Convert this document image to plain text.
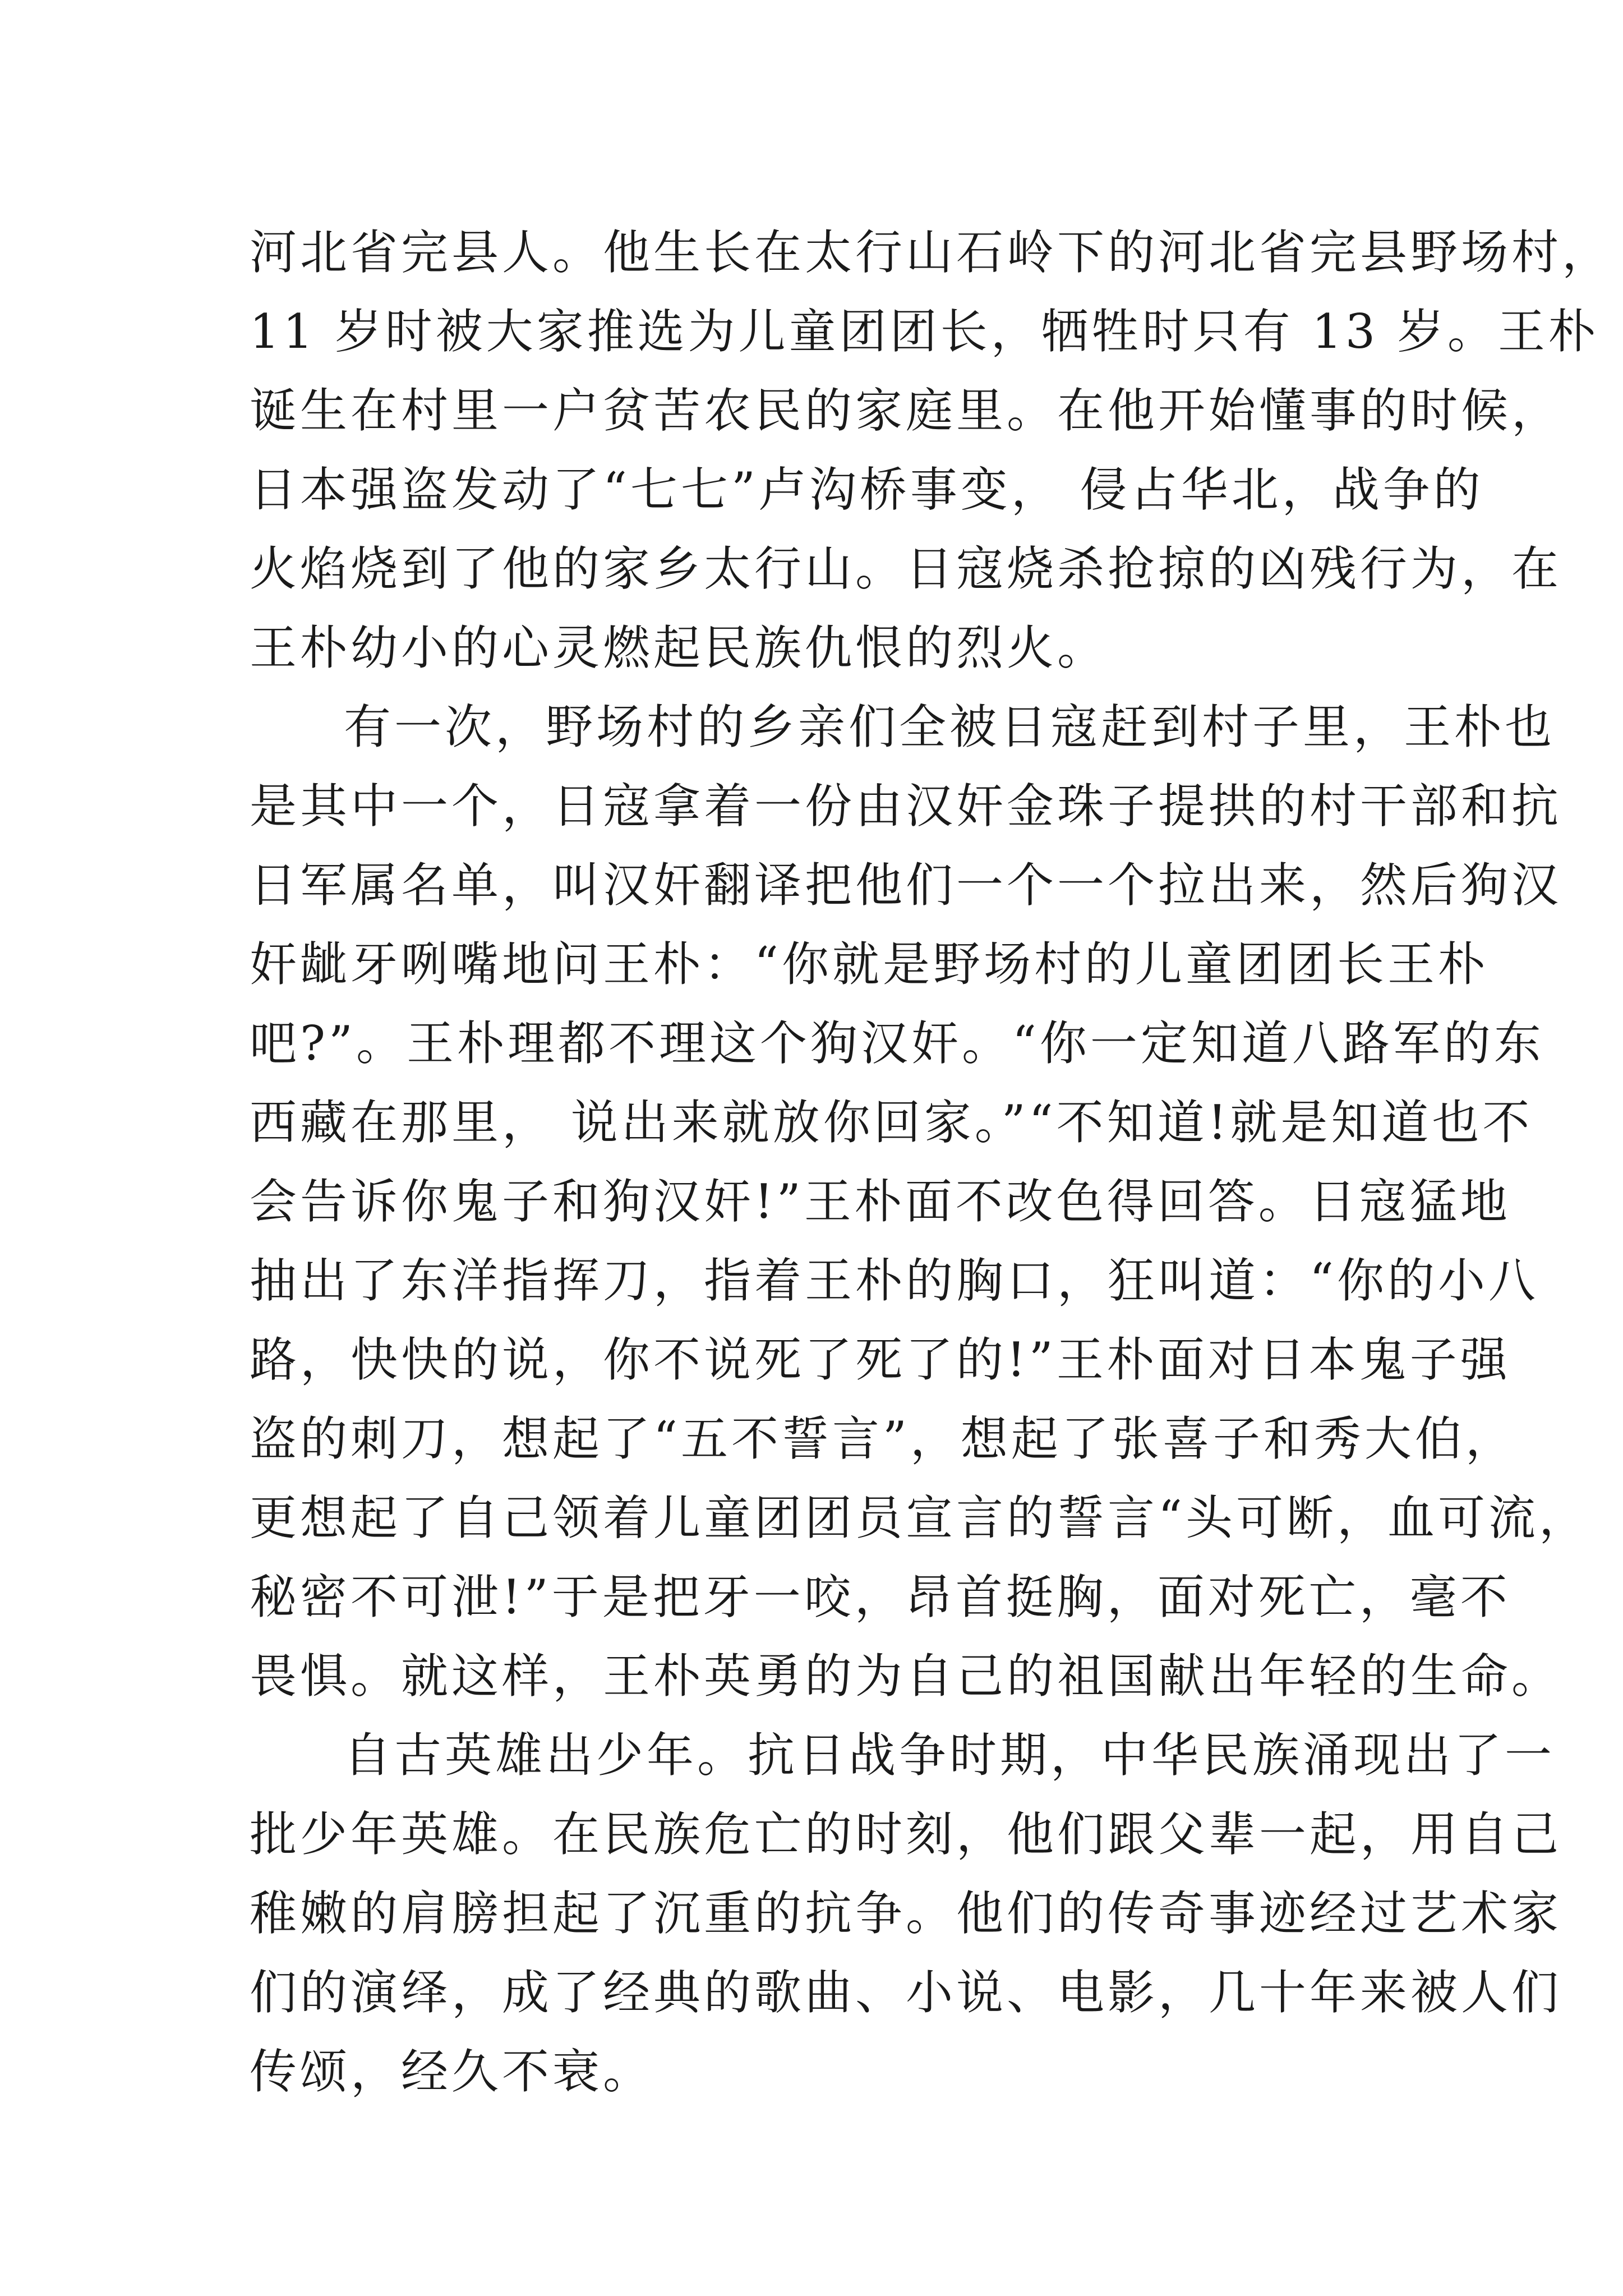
河北省完县人。他生长在太行山石岭下的河北省完县野场村，
11 岁时被大家推选为儿童团团长，牺牲时只有 13 岁。王朴
诞生在村里一户贫苦农民的家庭里。在他开始懂事的时候，
日本强盗发动了“七七”卢沟桥事变， 侵占华北，战争的
火焰烧到了他的家乡太行山。日寇烧杀抢掠的凶残行为，在
王朴幼小的心灵燃起民族仇恨的烈火。
有一次，野场村的乡亲们全被日寇赶到村子里，王朴也
是其中一个，日寇拿着一份由汉奸金珠子提拱的村干部和抗
日军属名单，叫汉奸翻译把他们一个一个拉出来，然后狗汉
奸龇牙咧嘴地问王朴：“你就是野场村的儿童团团长王朴
吧?”。王朴理都不理这个狗汉奸。“你一定知道八路军的东
西藏在那里， 说出来就放你回家。”“不知道!就是知道也不
会告诉你鬼子和狗汉奸!”王朴面不改色得回答。日寇猛地
抽出了东洋指挥刀，指着王朴的胸口，狂叫道：“你的小八
路，快快的说，你不说死了死了的!”王朴面对日本鬼子强
盗的刺刀，想起了“五不誓言”，想起了张喜子和秀大伯，
更想起了自己领着儿童团团员宣言的誓言“头可断，血可流，
秘密不可泄!”于是把牙一咬，昂首挺胸，面对死亡，毫不
畏惧。就这样，王朴英勇的为自己的祖国献出年轻的生命。
自古英雄出少年。抗日战争时期，中华民族涌现出了一
批少年英雄。在民族危亡的时刻，他们跟父辈一起，用自己
稚嫩的肩膀担起了沉重的抗争。他们的传奇事迹经过艺术家
们的演绎，成了经典的歌曲、小说、电影，几十年来被人们
传颂，经久不衰。
